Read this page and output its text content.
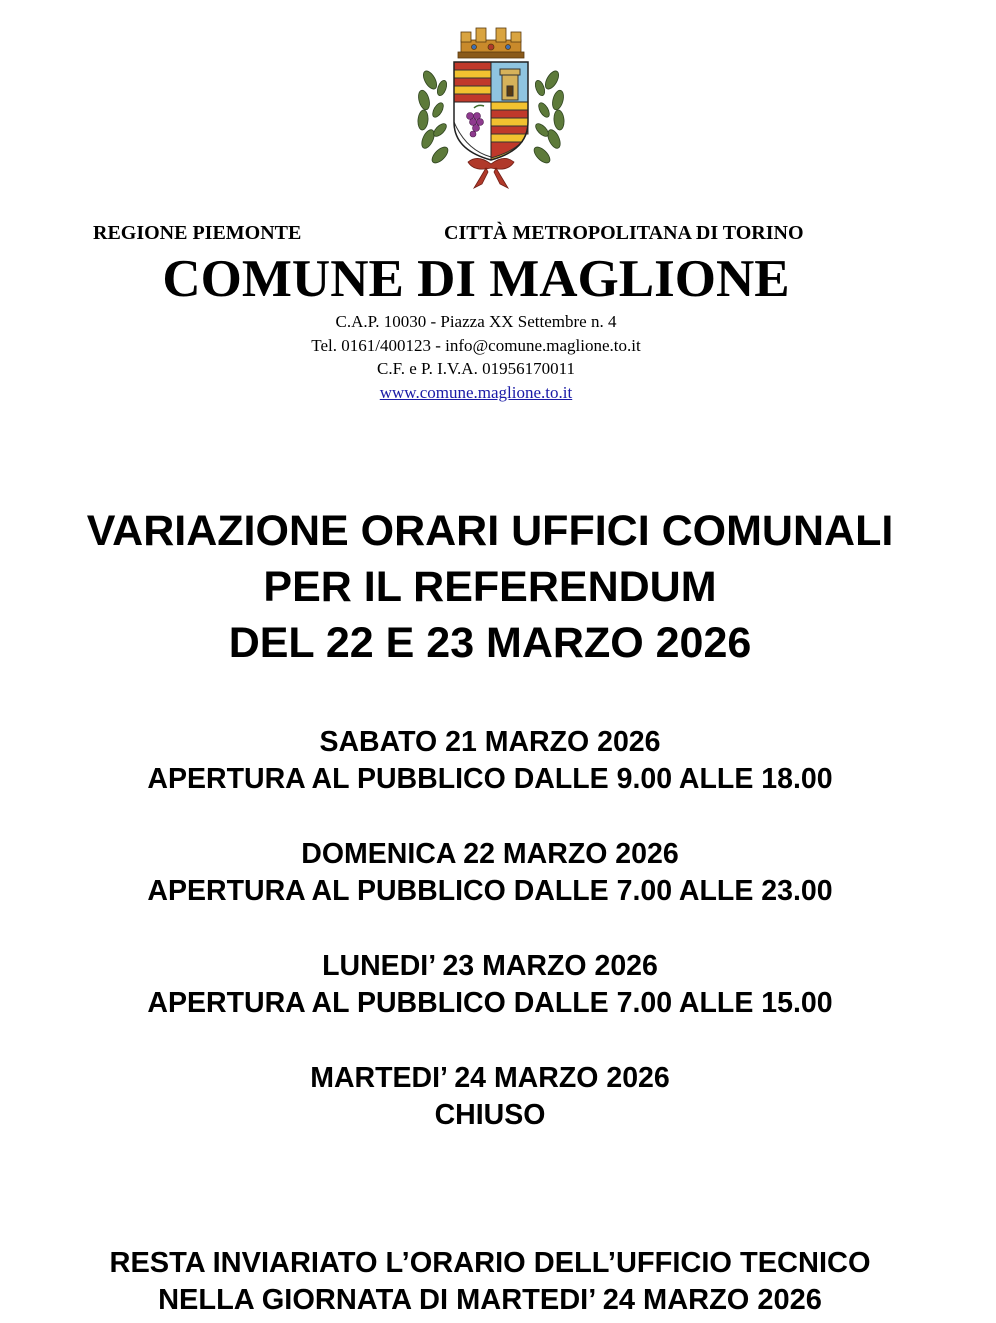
REGIONE PIEMONTE	CITTÀ METROPOLITANA DI TORINO
COMUNE DI MAGLIONE
C.A.P. 10030 - Piazza XX Settembre n. 4
Tel. 0161/400123 - info@comune.maglione.to.it
C.F. e P. I.V.A. 01956170011
www.comune.maglione.to.it
VARIAZIONE ORARI UFFICI COMUNALI
PER IL REFERENDUM
DEL 22 E 23 MARZO 2026
SABATO 21 MARZO 2026
APERTURA AL PUBBLICO DALLE 9.00 ALLE 18.00
DOMENICA 22 MARZO 2026
APERTURA AL PUBBLICO DALLE 7.00 ALLE 23.00
LUNEDI’ 23 MARZO 2026
APERTURA AL PUBBLICO DALLE 7.00 ALLE 15.00
MARTEDI’ 24 MARZO 2026
CHIUSO
RESTA INVIARIATO L’ORARIO DELL’UFFICIO TECNICO
NELLA GIORNATA DI MARTEDI’ 24 MARZO 2026
